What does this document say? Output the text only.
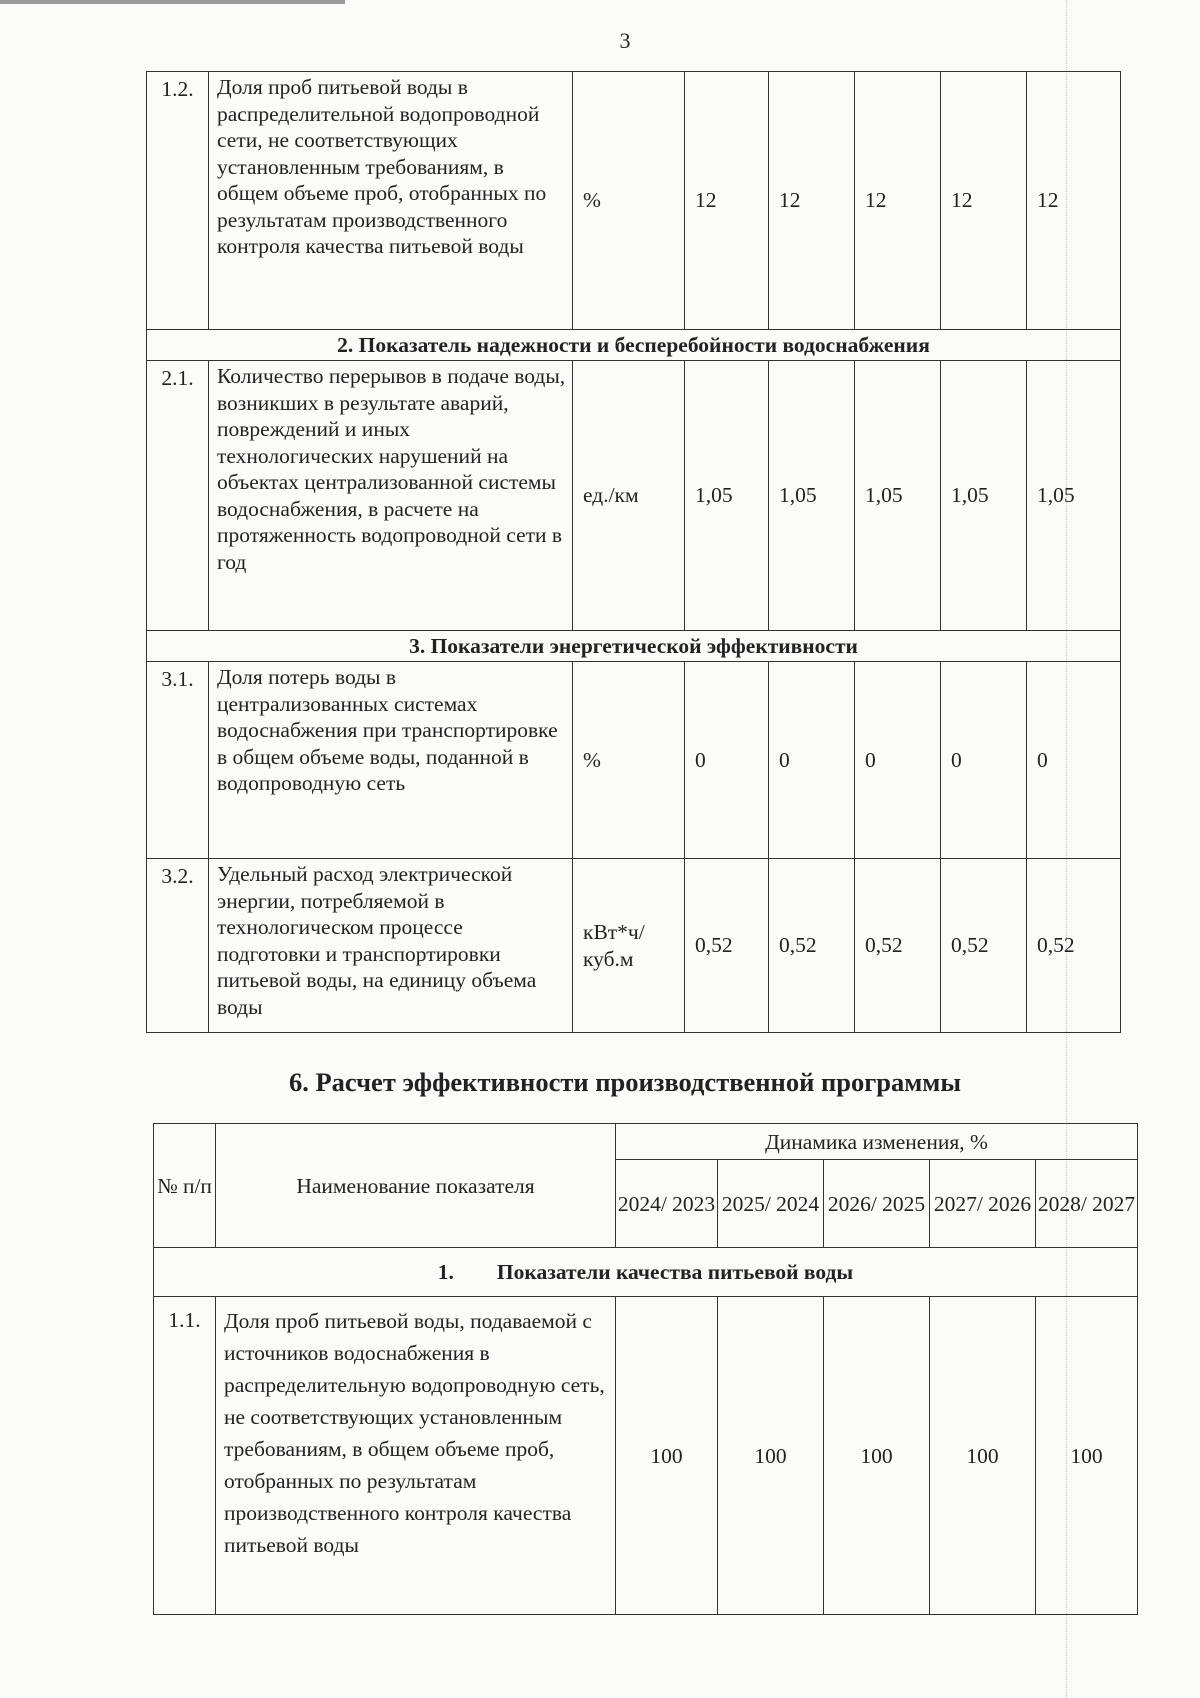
3
1.2.	Доля проб питьевой воды в распределительной водопроводной сети, не соответствующих установленным требованиям, в общем объеме проб, отобранных по результатам производственного контроля качества питьевой воды	%	12	12	12	12	12
2. Показатель надежности и бесперебойности водоснабжения							
2.1.	Количество перерывов в подаче воды, возникших в результате аварий, повреждений и иных технологических нарушений на объектах централизованной системы водоснабжения, в расчете на протяженность водопроводной сети в год	ед./км	1,05	1,05	1,05	1,05	1,05
3. Показатели энергетической эффективности							
3.1.	Доля потерь воды в централизованных системах водоснабжения при транспортировке в общем объеме воды, поданной в водопроводную сеть	%	0	0	0	0	0
3.2.	Удельный расход электрической энергии, потребляемой в технологическом процессе подготовки и транспортировки питьевой воды, на единицу объема воды	кВт*ч/ куб.м	0,52	0,52	0,52	0,52	0,52
6. Расчет эффективности производственной программы
№ п/п	Наименование показателя	Динамика изменения, %				
		2024/ 2023	2025/ 2024	2026/ 2025	2027/ 2026	2028/ 2027
1.        Показатели качества питьевой воды						
1.1.	Доля проб питьевой воды, подаваемой с источников водоснабжения в распределительную водопроводную сеть, не соответствующих установленным требованиям, в общем объеме проб, отобранных по результатам производственного контроля качества питьевой воды	100	100	100	100	100
